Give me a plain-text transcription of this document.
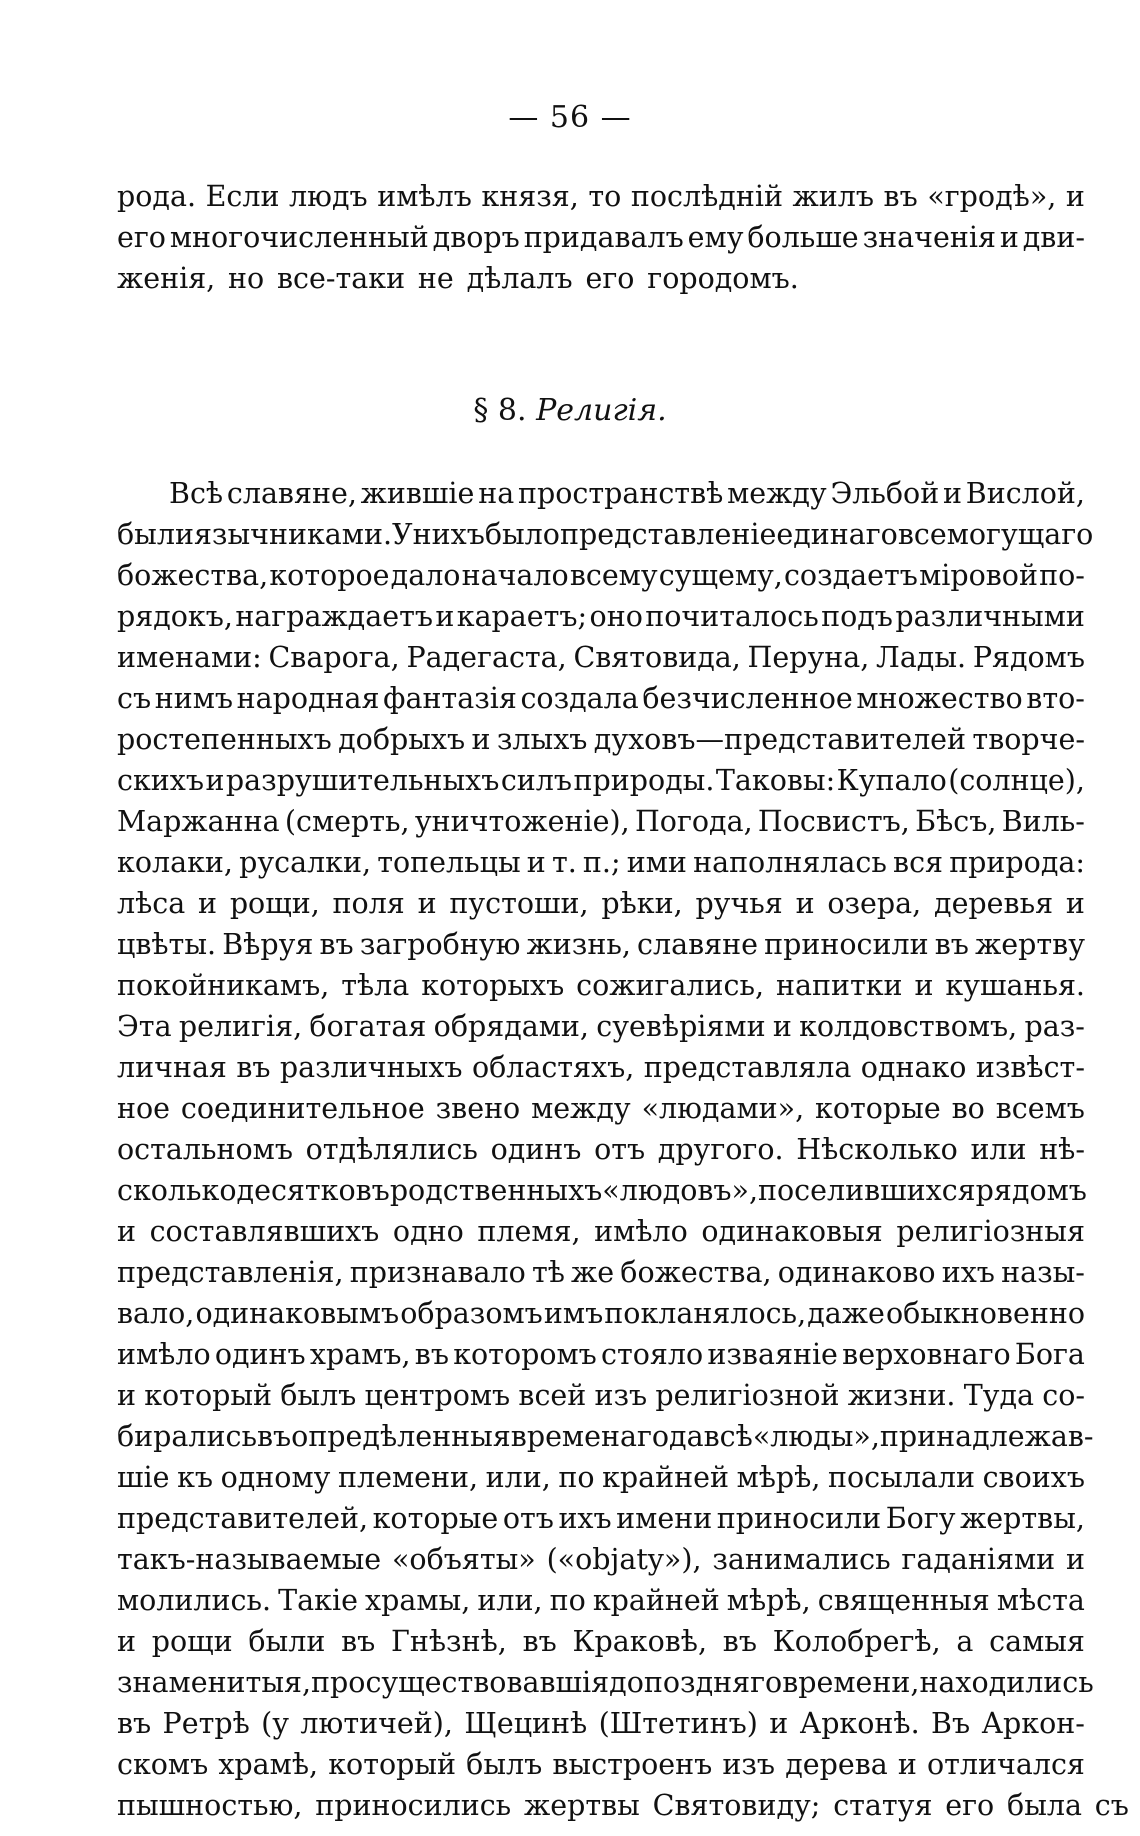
— 56 —
рода. Если людъ имѣлъ князя, то послѣднiй жилъ въ «гродѣ», и
его многочисленный дворъ придавалъ ему больше значенiя и дви-
женiя, но все-таки не дѣлалъ его городомъ.
§ 8. Религiя.
Всѣ славяне, жившiе на пространствѣ между Эльбой и Вислой,
были язычниками. У нихъ было представленiе единаго всемогущаго
божества, которое дало начало всему сущему, создаетъ мiровой по-
рядокъ, награждаетъ и караетъ; оно почиталось подъ различными
именами: Сварога, Радегаста, Святовида, Перуна, Лады. Рядомъ
съ нимъ народная фантазiя создала безчисленное множество вто-
ростепенныхъ добрыхъ и злыхъ духовъ—представителей творче-
скихъ и разрушительныхъ силъ природы. Таковы: Купало (солнце),
Маржанна (смерть, уничтоженiе), Погода, Посвистъ, Бѣсъ, Виль-
колаки, русалки, топельцы и т. п.; ими наполнялась вся природа:
лѣса и рощи, поля и пустоши, рѣки, ручья и озера, деревья и
цвѣты. Вѣруя въ загробную жизнь, славяне приносили въ жертву
покойникамъ, тѣла которыхъ сожигались, напитки и кушанья.
Эта религiя, богатая обрядами, суевѣрiями и колдовствомъ, раз-
личная въ различныхъ областяхъ, представляла однако извѣст-
ное соединительное звено между «людами», которые во всемъ
остальномъ отдѣлялись одинъ отъ другого. Нѣсколько или нѣ-
сколько десятковъ родственныхъ «людовъ», поселившихся рядомъ
и составлявшихъ одно племя, имѣло одинаковыя религiозныя
представленiя, признавало тѣ же божества, одинаково ихъ назы-
вало, одинаковымъ образомъ имъ покланялось, даже обыкновенно
имѣло одинъ храмъ, въ которомъ стояло изваянiе верховнаго Бога
и который былъ центромъ всей изъ религiозной жизни. Туда со-
бирались въ опредѣленныя времена года всѣ «люды», принадлежав-
шiе къ одному племени, или, по крайней мѣрѣ, посылали своихъ
представителей, которые отъ ихъ имени приносили Богу жертвы,
такъ-называемые «объяты» («objaty»), занимались гаданiями и
молились. Такiе храмы, или, по крайней мѣрѣ, священныя мѣста
и рощи были въ Гнѣзнѣ, въ Краковѣ, въ Колобрегѣ, а самыя
знаменитыя, просуществовавшiя до поздняго времени, находились
въ Ретрѣ (у лютичей), Щецинѣ (Штетинъ) и Арконѣ. Въ Аркон-
скомъ храмѣ, который былъ выстроенъ изъ дерева и отличался
пышностью, приносились жертвы Святовиду; статуя его была съ
